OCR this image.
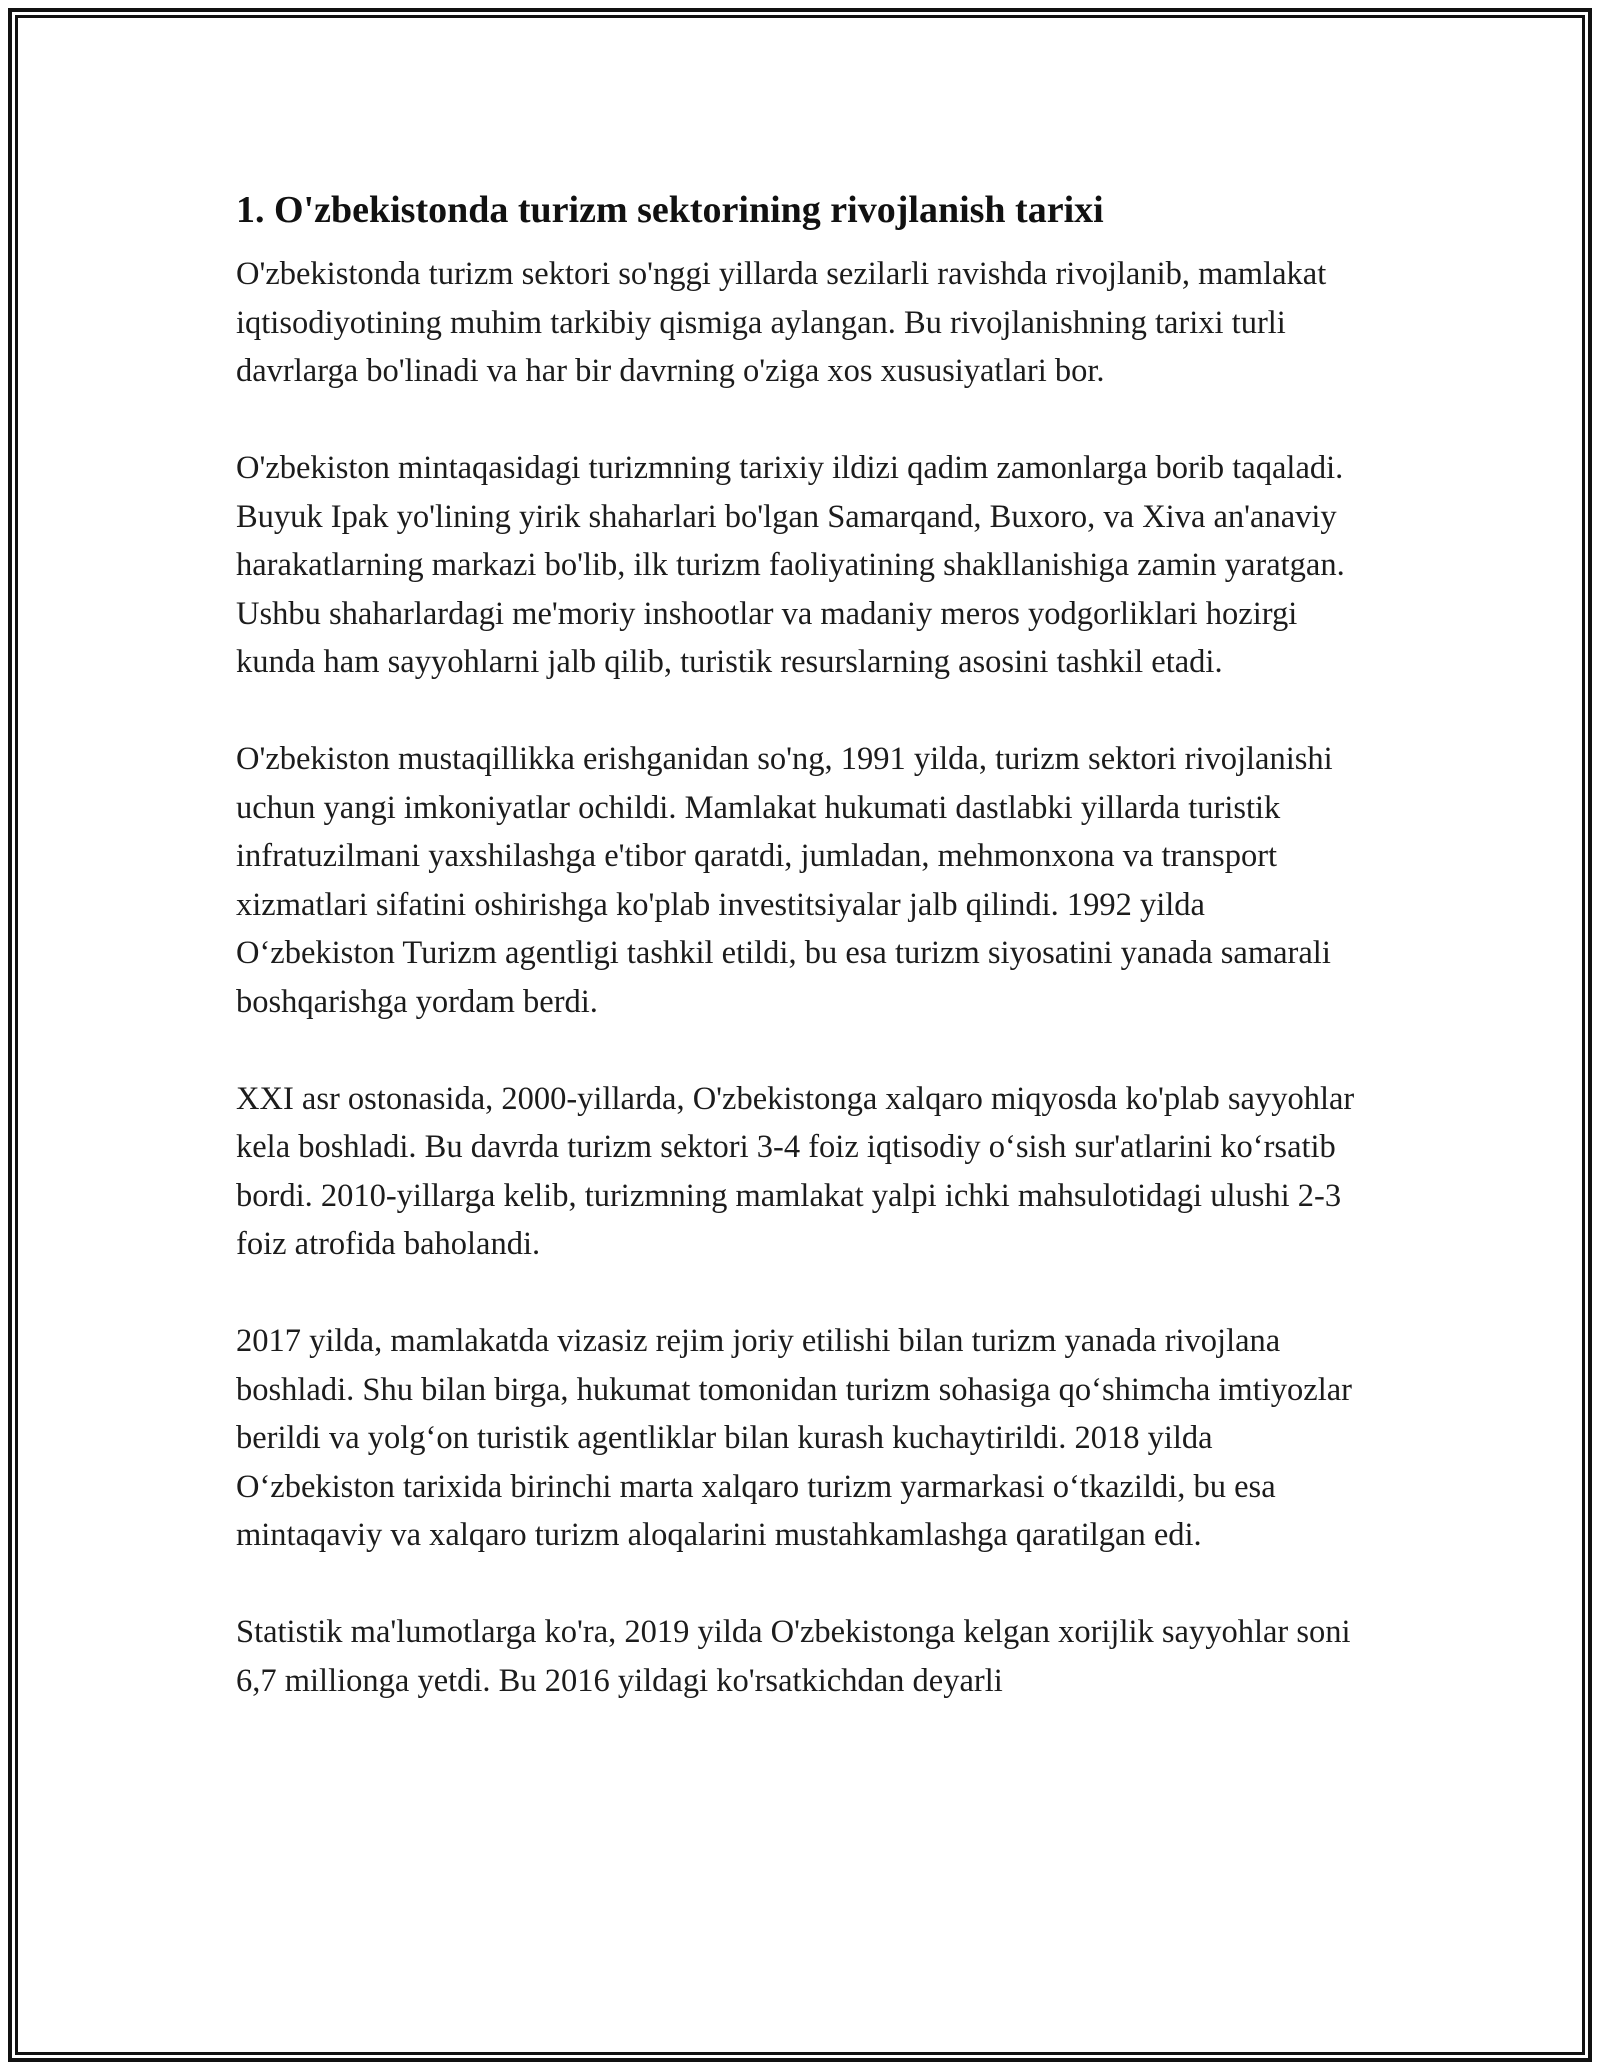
1. O'zbekistonda turizm sektorining rivojlanish tarixi

O'zbekistonda turizm sektori so'nggi yillarda sezilarli ravishda rivojlanib, mamlakat iqtisodiyotining muhim tarkibiy qismiga aylangan. Bu rivojlanishning tarixi turli davrlarga bo'linadi va har bir davrning o'ziga xos xususiyatlari bor.

O'zbekiston mintaqasidagi turizmning tarixiy ildizi qadim zamonlarga borib taqaladi. Buyuk Ipak yo'lining yirik shaharlari bo'lgan Samarqand, Buxoro, va Xiva an'anaviy harakatlarning markazi bo'lib, ilk turizm faoliyatining shakllanishiga zamin yaratgan. Ushbu shaharlardagi me'moriy inshootlar va madaniy meros yodgorliklari hozirgi kunda ham sayyohlarni jalb qilib, turistik resurslarning asosini tashkil etadi.

O'zbekiston mustaqillikka erishganidan so'ng, 1991 yilda, turizm sektori rivojlanishi uchun yangi imkoniyatlar ochildi. Mamlakat hukumati dastlabki yillarda turistik infratuzilmani yaxshilashga e'tibor qaratdi, jumladan, mehmonxona va transport xizmatlari sifatini oshirishga ko'plab investitsiyalar jalb qilindi. 1992 yilda O‘zbekiston Turizm agentligi tashkil etildi, bu esa turizm siyosatini yanada samarali boshqarishga yordam berdi.

XXI asr ostonasida, 2000-yillarda, O'zbekistonga xalqaro miqyosda ko'plab sayyohlar kela boshladi. Bu davrda turizm sektori 3-4 foiz iqtisodiy o‘sish sur'atlarini ko‘rsatib bordi. 2010-yillarga kelib, turizmning mamlakat yalpi ichki mahsulotidagi ulushi 2-3 foiz atrofida baholandi.

2017 yilda, mamlakatda vizasiz rejim joriy etilishi bilan turizm yanada rivojlana boshladi. Shu bilan birga, hukumat tomonidan turizm sohasiga qo‘shimcha imtiyozlar berildi va yolg‘on turistik agentliklar bilan kurash kuchaytirildi. 2018 yilda O‘zbekiston tarixida birinchi marta xalqaro turizm yarmarkasi o‘tkazildi, bu esa mintaqaviy va xalqaro turizm aloqalarini mustahkamlashga qaratilgan edi.

Statistik ma'lumotlarga ko'ra, 2019 yilda O'zbekistonga kelgan xorijlik sayyohlar soni 6,7 millionga yetdi. Bu 2016 yildagi ko'rsatkichdan deyarli
